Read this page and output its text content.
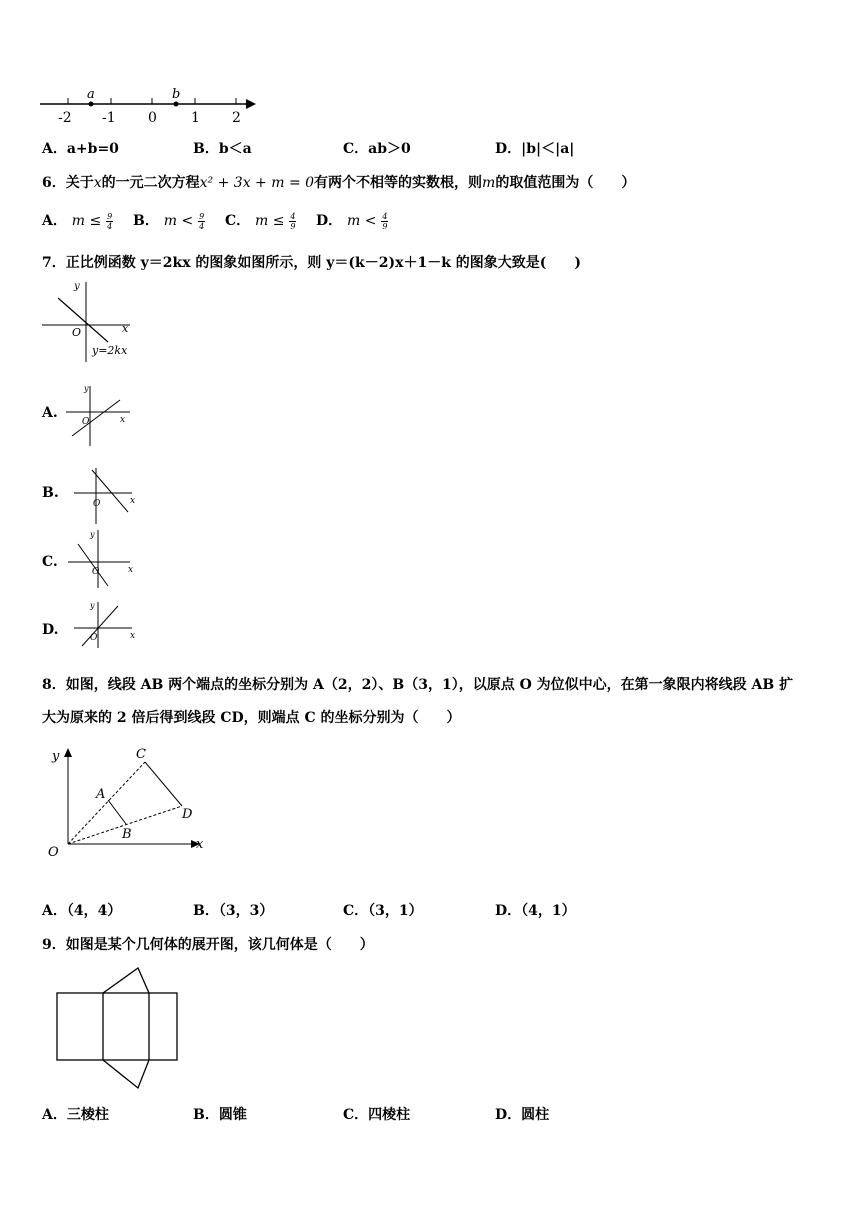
a	b
-2 -1 0 1 2
A．a+b=0	B．b＜a	C．ab＞0	D．|b|＜|a|
6．关于x的一元二次方程x² + 3x + m = 0有两个不相等的实数根，则m的取值范围为（　　）
A． $m \le \frac{9}{4}$ B． $m < \frac{9}{4}$ C． $m \le \frac{4}{9}$ D． $m < \frac{4}{9}$
7．正比例函数 y＝2kx 的图象如图所示，则 y＝(k－2)x＋1－k 的图象大致是(　　)
y
x
O
y=2kx
A.
y
x
O
B.	x
O
C.
y
x
O
D.
y
x
O
8．如图，线段 AB 两个端点的坐标分别为 A（2，2）、B（3，1），以原点 O 为位似中心，在第一象限内将线段 AB 扩
大为原来的 2 倍后得到线段 CD，则端点 C 的坐标分别为（　　）
y
x
O
C
A
B
D
A．（4，4）	B．（3，3）	C．（3，1）	D．（4，1）
9．如图是某个几何体的展开图，该几何体是（　　）
A．三棱柱	B．圆锥	C．四棱柱	D．圆柱
